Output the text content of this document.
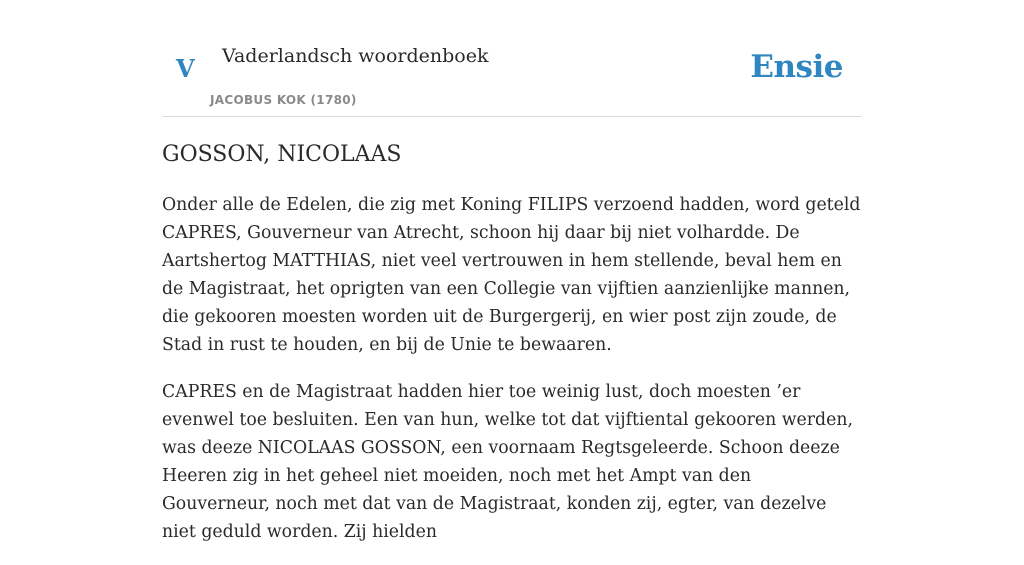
V Vaderlandsch woordenboek
JACOBUS KOK (1780)
Ensie
GOSSON, NICOLAAS

Onder alle de Edelen, die zig met Koning FILIPS verzoend hadden, word geteld CAPRES, Gouverneur van Atrecht, schoon hij daar bij niet volhardde. De Aartshertog MATTHIAS, niet veel vertrouwen in hem stellende, beval hem en de Magistraat, het oprigten van een Collegie van vijftien aanzienlijke mannen, die gekooren moesten worden uit de Burgergerij, en wier post zijn zoude, de Stad in rust te houden, en bij de Unie te bewaaren.

CAPRES en de Magistraat hadden hier toe weinig lust, doch moesten ’er evenwel toe besluiten. Een van hun, welke tot dat vijftiental gekooren werden, was deeze NICOLAAS GOSSON, een voornaam Regtsgeleerde. Schoon deeze Heeren zig in het geheel niet moeiden, noch met het Ampt van den Gouverneur, noch met dat van de Magistraat, konden zij, egter, van dezelve niet geduld worden. Zij hielden
